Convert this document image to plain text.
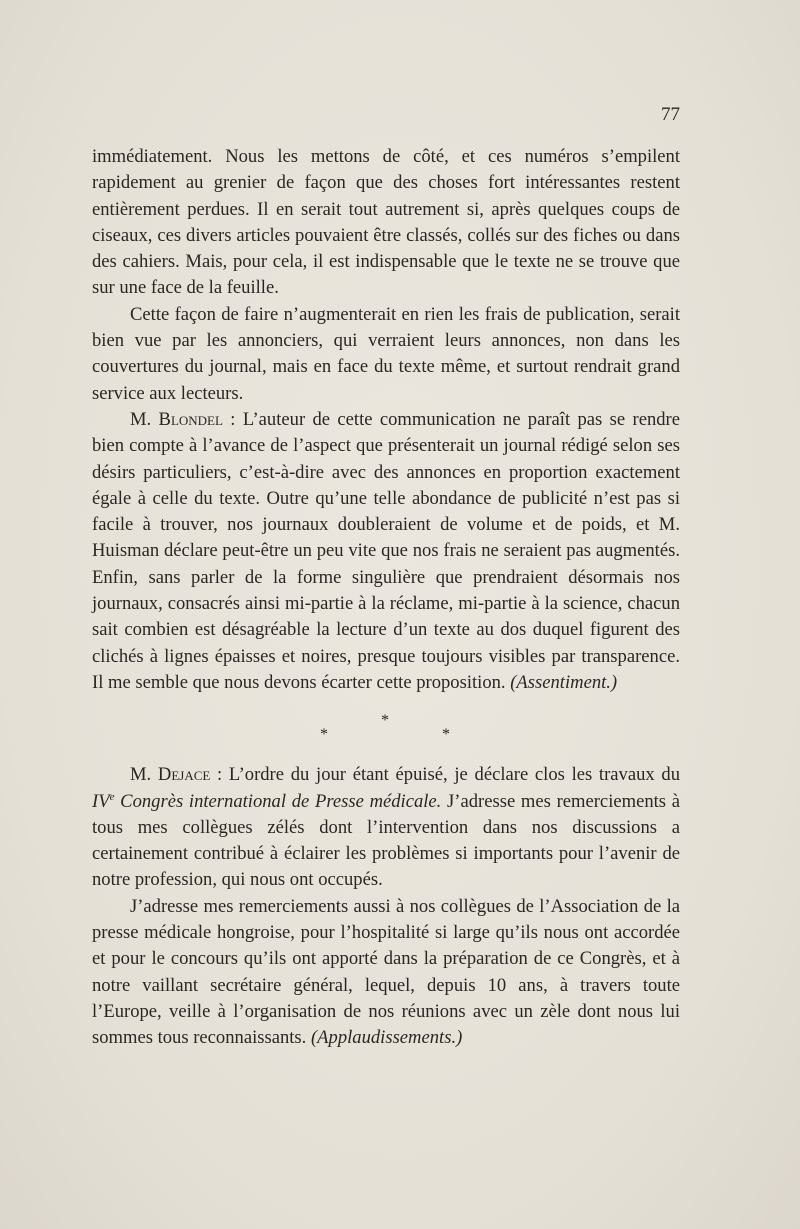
77

immédiatement. Nous les mettons de côté, et ces numéros s’empilent rapidement au grenier de façon que des choses fort intéressantes restent entièrement perdues. Il en serait tout autrement si, après quelques coups de ciseaux, ces divers articles pouvaient être classés, collés sur des fiches ou dans des cahiers. Mais, pour cela, il est indispensable que le texte ne se trouve que sur une face de la feuille.

Cette façon de faire n’augmenterait en rien les frais de publication, serait bien vue par les annonciers, qui verraient leurs annonces, non dans les couvertures du journal, mais en face du texte même, et surtout rendrait grand service aux lecteurs.

M. Blondel : L’auteur de cette communication ne paraît pas se rendre bien compte à l’avance de l’aspect que présenterait un journal rédigé selon ses désirs particuliers, c’est-à-dire avec des annonces en proportion exactement égale à celle du texte. Outre qu’une telle abondance de publicité n’est pas si facile à trouver, nos journaux doubleraient de volume et de poids, et M. Huisman déclare peut-être un peu vite que nos frais ne seraient pas augmentés. Enfin, sans parler de la forme singulière que prendraient désormais nos journaux, consacrés ainsi mi-partie à la réclame, mi-partie à la science, chacun sait combien est désagréable la lecture d’un texte au dos duquel figurent des clichés à lignes épaisses et noires, presque toujours visibles par transparence. Il me semble que nous devons écarter cette proposition. (Assentiment.)

*
*
*

M. Dejace : L’ordre du jour étant épuisé, je déclare clos les travaux du IVe Congrès international de Presse médicale. J’adresse mes remerciements à tous mes collègues zélés dont l’intervention dans nos discussions a certainement contribué à éclairer les problèmes si importants pour l’avenir de notre profession, qui nous ont occupés.

J’adresse mes remerciements aussi à nos collègues de l’Association de la presse médicale hongroise, pour l’hospitalité si large qu’ils nous ont accordée et pour le concours qu’ils ont apporté dans la préparation de ce Congrès, et à notre vaillant secrétaire général, lequel, depuis 10 ans, à travers toute l’Europe, veille à l’organisation de nos réunions avec un zèle dont nous lui sommes tous reconnaissants. (Applaudissements.)
